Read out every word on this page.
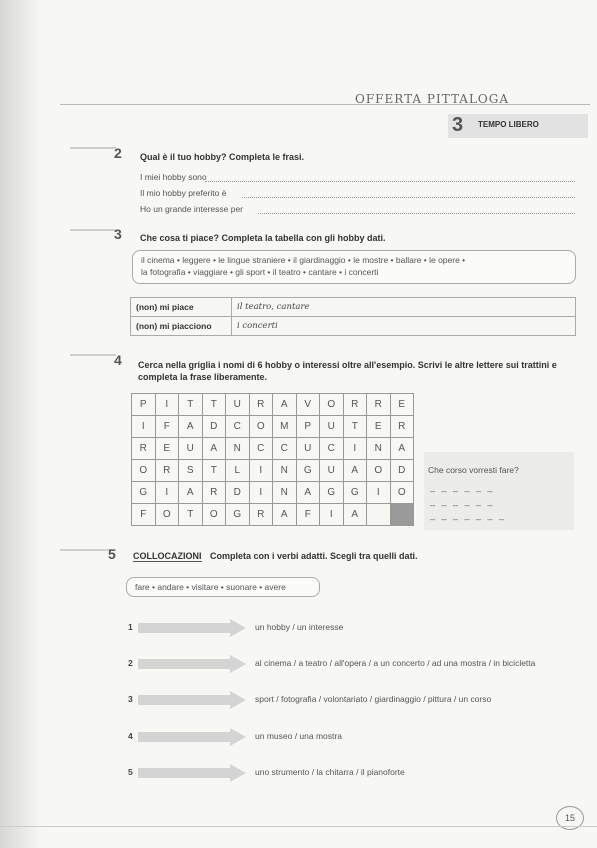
OFFERTA PITTALOGA
3 TEMPO LIBERO
2 Qual è il tuo hobby? Completa le frasi.
I miei hobby sono
Il mio hobby preferito è
Ho un grande interesse per
3 Che cosa ti piace? Completa la tabella con gli hobby dati.
il cinema • leggere • le lingue straniere • il giardinaggio • le mostre • ballare • le opere •
la fotografia • viaggiare • gli sport • il teatro • cantare • i concerti
(non) mi piace	il teatro, cantare
(non) mi piacciono	i concerti
4 Cerca nella griglia i nomi di 6 hobby o interessi oltre all'esempio. Scrivi le altre lettere sui trattini e
completa la frase liberamente.
P	I	T	T	U	R	A	V	O	R	R	E
I	F	A	D	C	O	M	P	U	T	E	R
R	E	U	A	N	C	C	U	C	I	N	A
O	R	S	T	L	I	N	G	U	A	O	D
G	I	A	R	D	I	N	A	G	G	I	O
F	O	T	O	G	R	A	F	I	A		
Che corso vorresti fare?
_ _ _ _ _ _
_ _ _ _ _ _
_ _ _ _ _ _ _
5 COLLOCAZIONI Completa con i verbi adatti. Scegli tra quelli dati.
fare • andare • visitare • suonare • avere
1	un hobby / un interesse
2	al cinema / a teatro / all'opera / a un concerto / ad una mostra / in bicicletta
3	sport / fotografia / volontariato / giardinaggio / pittura / un corso
4	un museo / una mostra
5	uno strumento / la chitarra / il pianoforte
15
